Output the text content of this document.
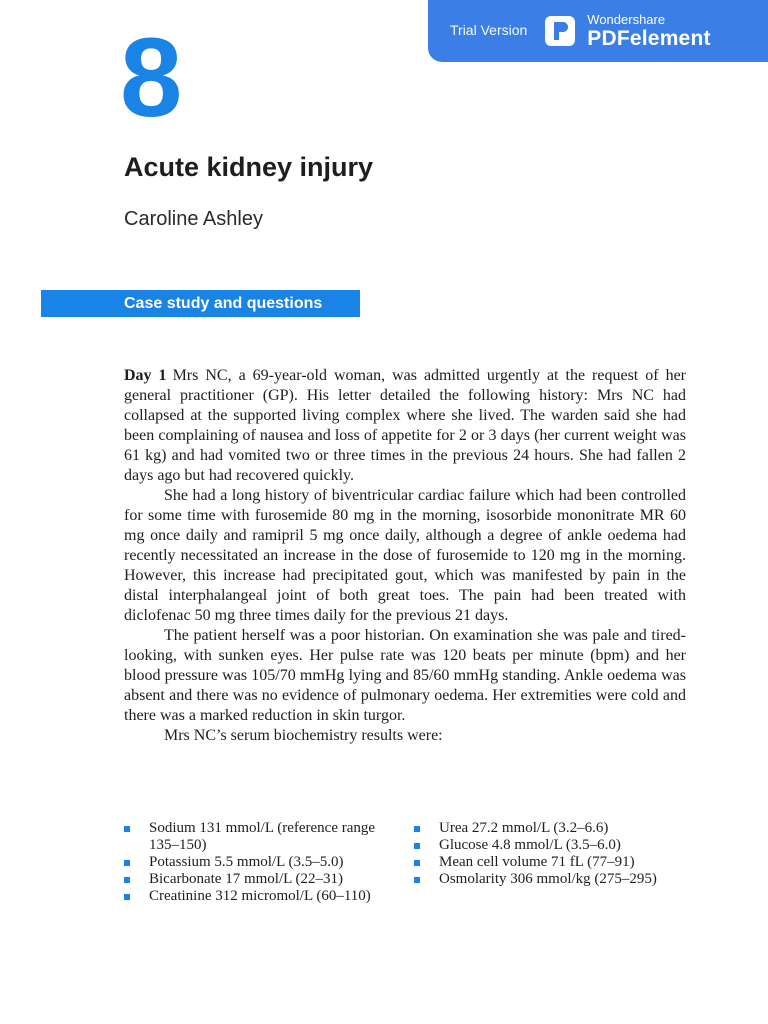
Trial Version
Wondershare
PDFelement
8
Acute kidney injury
Caroline Ashley
Case study and questions

Day 1 Mrs NC, a 69-year-old woman, was admitted urgently at the request of her general practitioner (GP). His letter detailed the following history: Mrs NC had collapsed at the supported living complex where she lived. The warden said she had been complaining of nausea and loss of appetite for 2 or 3 days (her current weight was 61 kg) and had vomited two or three times in the previous 24 hours. She had fallen 2 days ago but had recovered quickly.

She had a long history of biventricular cardiac failure which had been controlled for some time with furosemide 80 mg in the morning, isosorbide mononitrate MR 60 mg once daily and ramipril 5 mg once daily, although a degree of ankle oedema had recently necessitated an increase in the dose of furosemide to 120 mg in the morning. However, this increase had precipitated gout, which was manifested by pain in the distal interphalangeal joint of both great toes. The pain had been treated with diclofenac 50 mg three times daily for the previous 21 days.

The patient herself was a poor historian. On examination she was pale and tired-looking, with sunken eyes. Her pulse rate was 120 beats per minute (bpm) and her blood pressure was 105/70 mmHg lying and 85/60 mmHg standing. Ankle oedema was absent and there was no evidence of pulmonary oedema. Her extremities were cold and there was a marked reduction in skin turgor.

Mrs NC’s serum biochemistry results were:

Sodium 131 mmol/L (reference range 135–150)
Potassium 5.5 mmol/L (3.5–5.0)
Bicarbonate 17 mmol/L (22–31)
Creatinine 312 micromol/L (60–110)
Urea 27.2 mmol/L (3.2–6.6)
Glucose 4.8 mmol/L (3.5–6.0)
Mean cell volume 71 fL (77–91)
Osmolarity 306 mmol/kg (275–295)
